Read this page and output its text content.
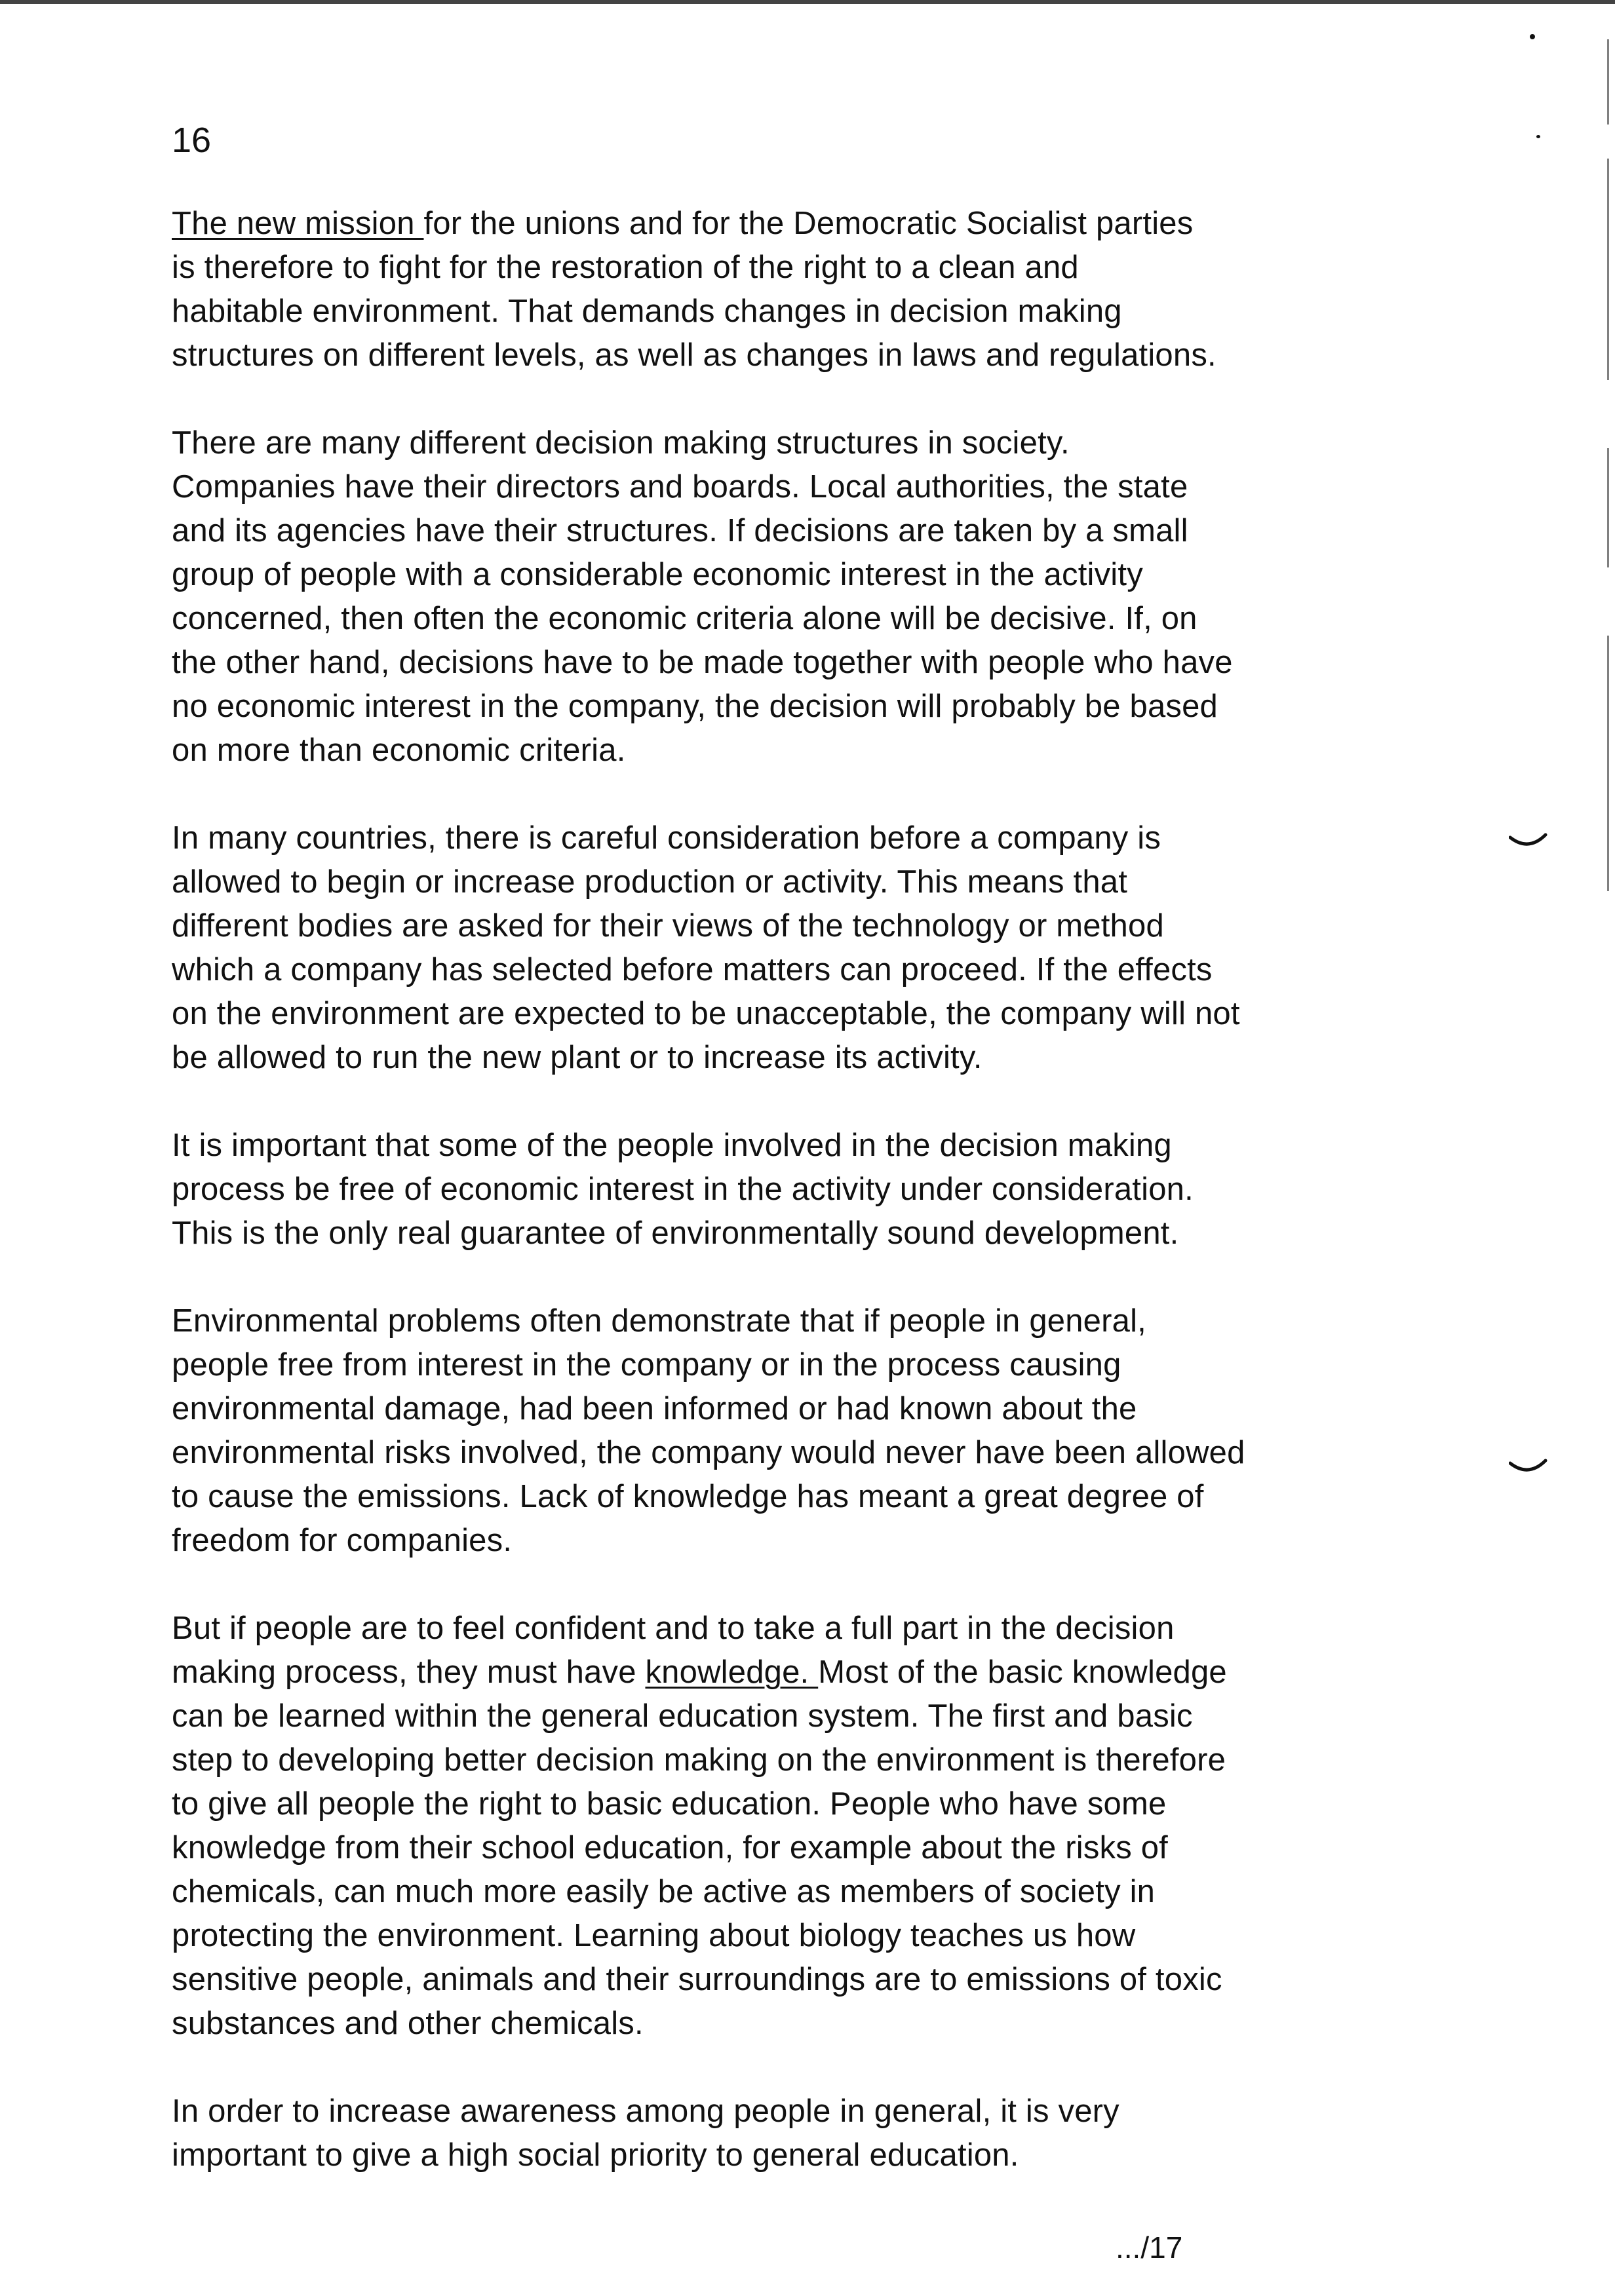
16

The new mission for the unions and for the Democratic Socialist parties
is therefore to fight for the restoration of the right to a clean and
habitable environment. That demands changes in decision making
structures on different levels, as well as changes in laws and regulations.

There are many different decision making structures in society.
Companies have their directors and boards. Local authorities, the state
and its agencies have their structures. If decisions are taken by a small
group of people with a considerable economic interest in the activity
concerned, then often the economic criteria alone will be decisive. If, on
the other hand, decisions have to be made together with people who have
no economic interest in the company, the decision will probably be based
on more than economic criteria.

In many countries, there is careful consideration before a company is
allowed to begin or increase production or activity. This means that
different bodies are asked for their views of the technology or method
which a company has selected before matters can proceed. If the effects
on the environment are expected to be unacceptable, the company will not
be allowed to run the new plant or to increase its activity.

It is important that some of the people involved in the decision making
process be free of economic interest in the activity under consideration.
This is the only real guarantee of environmentally sound development.

Environmental problems often demonstrate that if people in general,
people free from interest in the company or in the process causing
environmental damage, had been informed or had known about the
environmental risks involved, the company would never have been allowed
to cause the emissions. Lack of knowledge has meant a great degree of
freedom for companies.

But if people are to feel confident and to take a full part in the decision
making process, they must have knowledge. Most of the basic knowledge
can be learned within the general education system. The first and basic
step to developing better decision making on the environment is therefore
to give all people the right to basic education. People who have some
knowledge from their school education, for example about the risks of
chemicals, can much more easily be active as members of society in
protecting the environment. Learning about biology teaches us how
sensitive people, animals and their surroundings are to emissions of toxic
substances and other chemicals.

In order to increase awareness among people in general, it is very
important to give a high social priority to general education.

.../17
